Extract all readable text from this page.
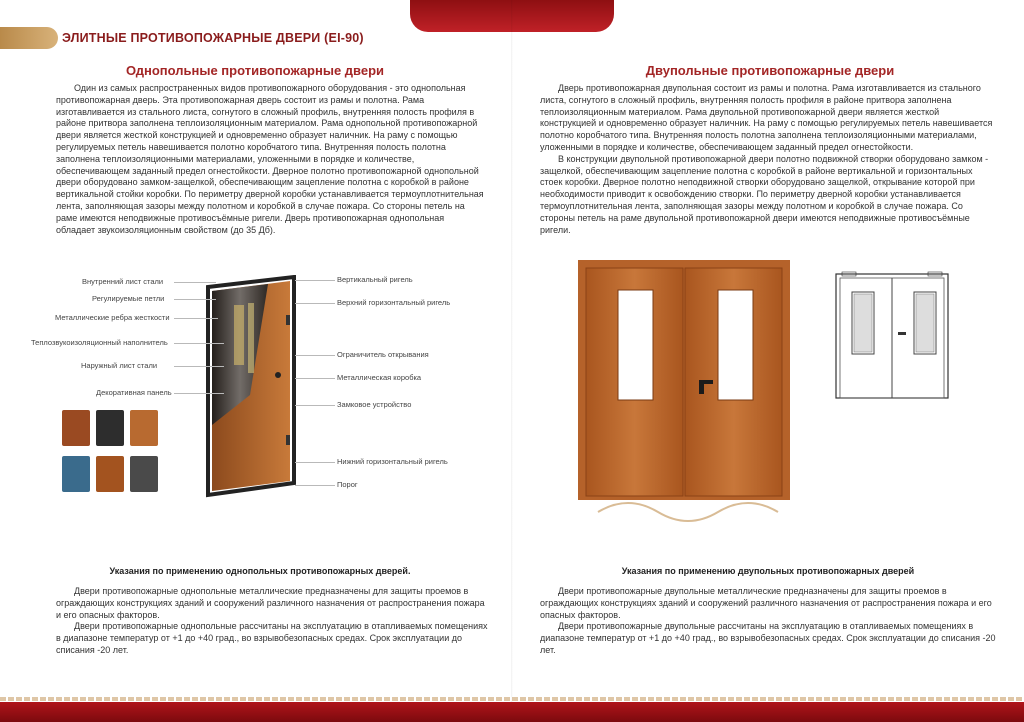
ЭЛИТНЫЕ ПРОТИВОПОЖАРНЫЕ ДВЕРИ (EI-90)
Однопольные противопожарные двери

Один из самых распространенных видов противопожарного оборудования - это однопольная противопожарная дверь. Эта противопожарная дверь состоит из рамы и полотна. Рама изготавливается из стального листа, согнутого в сложный профиль, внутренняя полость профиля в районе притвора заполнена теплоизоляционным материалом. Рама однопольной противопожарной двери является жесткой конструкцией и одновременно образует наличник. На раму с помощью регулируемых петель навешивается полотно коробчатого типа. Внутренняя полость полотна заполнена теплоизоляционными материалами, уложенными в порядке и количестве, обеспечивающем заданный предел огнестойкости. Дверное полотно противопожарной однопольной двери оборудовано замком-защелкой, обеспечивающим зацепление полотна с коробкой в районе вертикальной стойки коробки. По периметру дверной коробки устанавливается термоуплотнительная лента, заполняющая зазоры между полотном и коробкой в случае пожара. Со стороны петель на раме имеются неподвижные противосъёмные ригели. Дверь противопожарная однопольная обладает звукоизоляционным свойством (до 35 Дб).

Внутренний лист стали
Регулируемые петли
Металлические ребра жесткости
Теплозвукоизоляционный наполнитель
Наружный лист стали
Декоративная панель
Вертикальный ригель
Верхний горизонтальный ригель
Ограничитель открывания
Металлическая коробка
Замковое устройство
Нижний горизонтальный ригель
Порог
Указания по применению однопольных противопожарных дверей.

Двери противопожарные однопольные металлические предназначены для защиты проемов в ограждающих конструкциях зданий и сооружений различного назначения от распространения пожара и его опасных факторов.

Двери противопожарные однопольные рассчитаны на эксплуатацию в отапливаемых помещениях в диапазоне температур от +1 до +40 град., во взрывобезопасных средах. Срок эксплуатации до списания -20 лет.

Двупольные противопожарные двери

Дверь противопожарная двупольная состоит из рамы и полотна. Рама изготавливается из стального листа, согнутого в сложный профиль, внутренняя полость профиля в районе притвора заполнена теплоизоляционным материалом. Рама двупольной противопожарной двери является жесткой конструкцией и одновременно образует наличник. На раму с помощью регулируемых петель навешивается полотно коробчатого типа. Внутренняя полость полотна заполнена теплоизоляционными материалами, уложенными в порядке и количестве, обеспечивающем заданный предел огнестойкости.

В конструкции двупольной противопожарной двери полотно подвижной створки оборудовано замком - защелкой, обеспечивающим зацепление полотна с коробкой в районе вертикальной и горизонтальных стоек коробки. Дверное полотно неподвижной створки оборудовано защелкой, открывание которой при необходимости приводит к освобождению створки. По периметру дверной коробки устанавливается термоуплотнительная лента, заполняющая зазоры между полотном и коробкой в случае пожара. Со стороны петель на раме двупольной противопожарной двери имеются неподвижные противосъёмные ригели.

Указания по применению двупольных противопожарных дверей

Двери противопожарные двупольные металлические предназначены для защиты проемов в ограждающих конструкциях зданий и сооружений различного назначения от распространения пожара и его опасных факторов.

Двери противопожарные двупольные рассчитаны на эксплуатацию в отапливаемых помещениях в диапазоне температур от +1 до +40 град., во взрывобезопасных средах. Срок эксплуатации до списания -20 лет.
